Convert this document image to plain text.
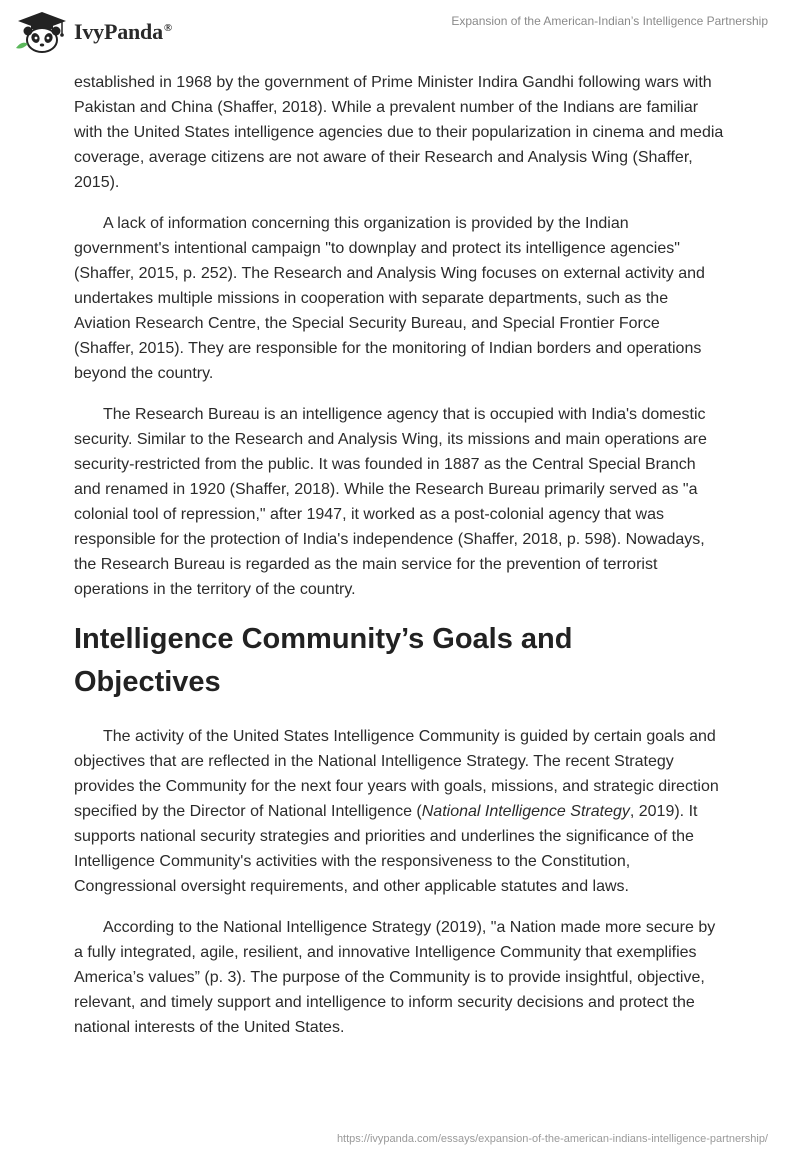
IvyPanda®	Expansion of the American-Indian’s Intelligence Partnership

established in 1968 by the government of Prime Minister Indira Gandhi following wars with Pakistan and China (Shaffer, 2018). While a prevalent number of the Indians are familiar with the United States intelligence agencies due to their popularization in cinema and media coverage, average citizens are not aware of their Research and Analysis Wing (Shaffer, 2015).

A lack of information concerning this organization is provided by the Indian government's intentional campaign "to downplay and protect its intelligence agencies" (Shaffer, 2015, p. 252). The Research and Analysis Wing focuses on external activity and undertakes multiple missions in cooperation with separate departments, such as the Aviation Research Centre, the Special Security Bureau, and Special Frontier Force (Shaffer, 2015). They are responsible for the monitoring of Indian borders and operations beyond the country.

The Research Bureau is an intelligence agency that is occupied with India's domestic security. Similar to the Research and Analysis Wing, its missions and main operations are security-restricted from the public. It was founded in 1887 as the Central Special Branch and renamed in 1920 (Shaffer, 2018). While the Research Bureau primarily served as "a colonial tool of repression," after 1947, it worked as a post-colonial agency that was responsible for the protection of India's independence (Shaffer, 2018, p. 598). Nowadays, the Research Bureau is regarded as the main service for the prevention of terrorist operations in the territory of the country.

Intelligence Community’s Goals and Objectives

The activity of the United States Intelligence Community is guided by certain goals and objectives that are reflected in the National Intelligence Strategy. The recent Strategy provides the Community for the next four years with goals, missions, and strategic direction specified by the Director of National Intelligence (National Intelligence Strategy, 2019). It supports national security strategies and priorities and underlines the significance of the Intelligence Community's activities with the responsiveness to the Constitution, Congressional oversight requirements, and other applicable statutes and laws.

According to the National Intelligence Strategy (2019), "a Nation made more secure by a fully integrated, agile, resilient, and innovative Intelligence Community that exemplifies America’s values” (p. 3). The purpose of the Community is to provide insightful, objective, relevant, and timely support and intelligence to inform security decisions and protect the national interests of the United States.

https://ivypanda.com/essays/expansion-of-the-american-indians-intelligence-partnership/
